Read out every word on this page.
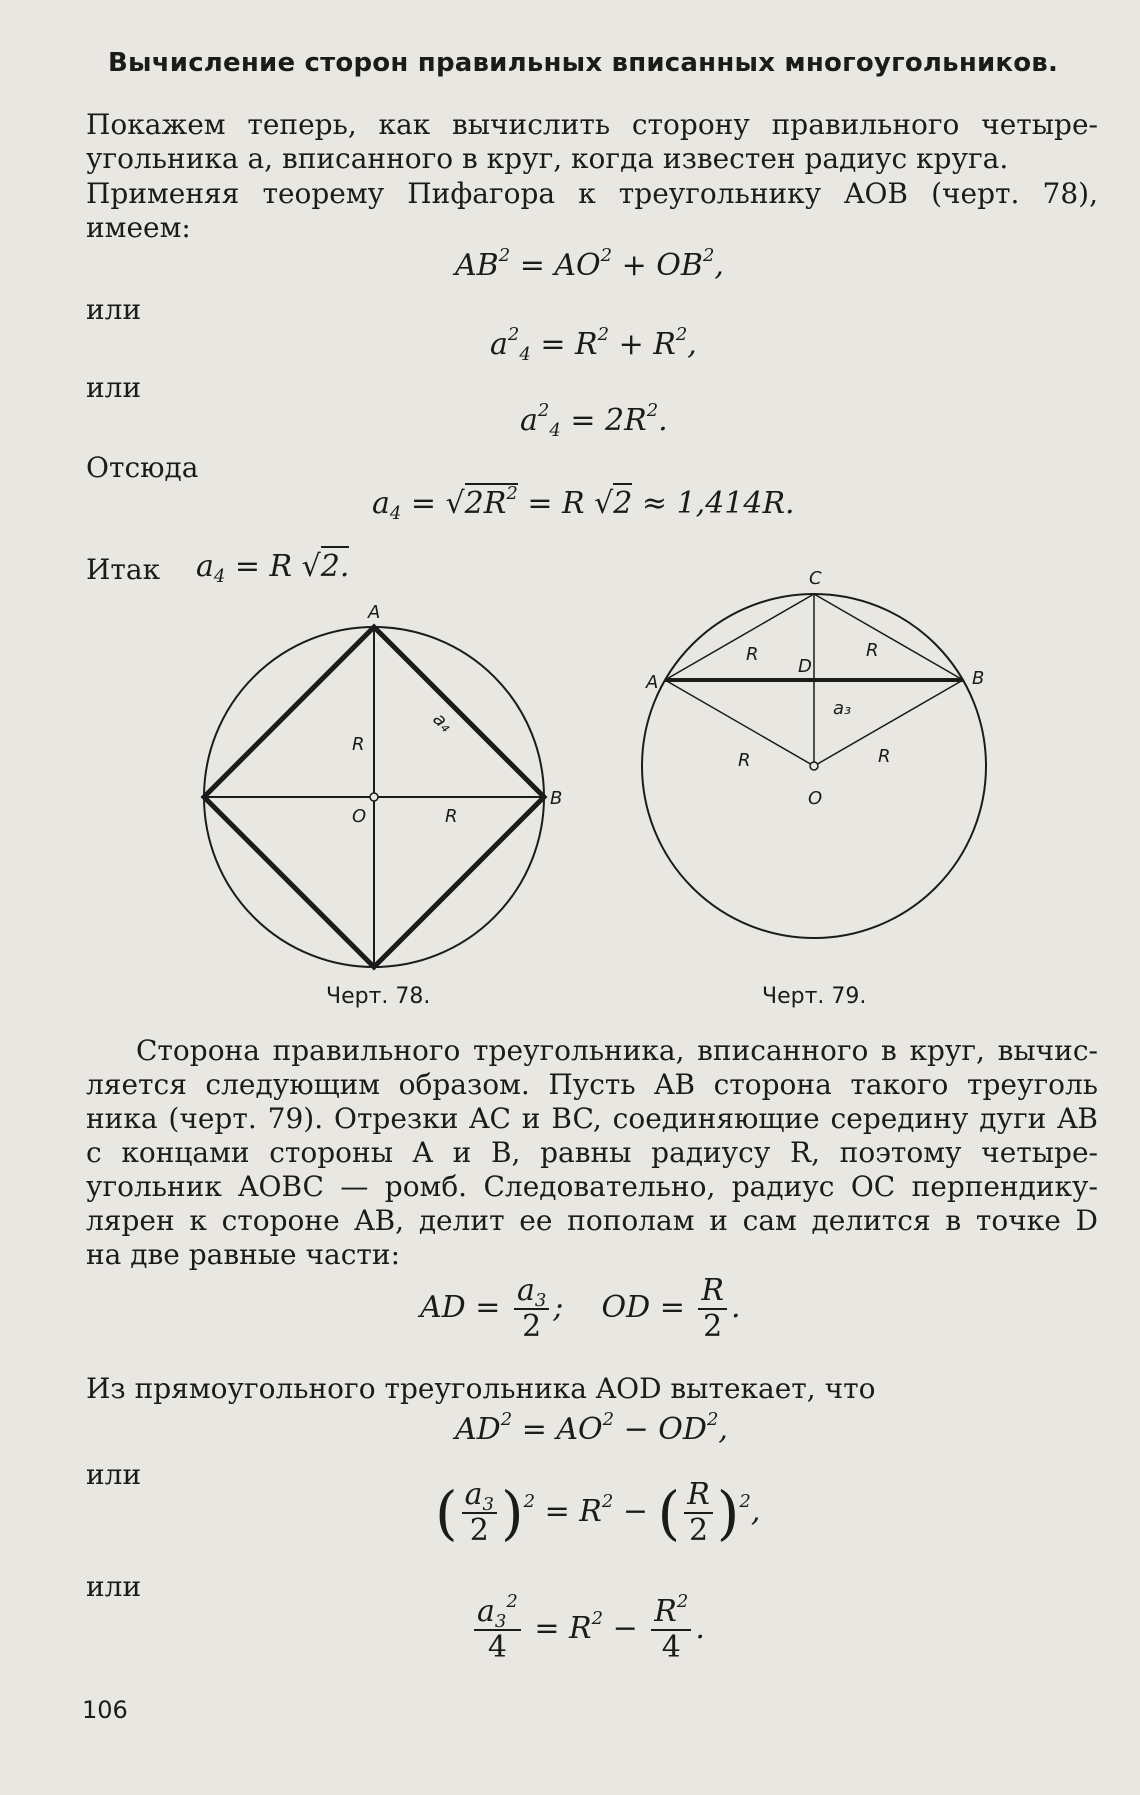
Вычисление сторон правильных вписанных многоугольников.
Покажем теперь, как вычислить сторону правильного четыре-
угольника a, вписанного в круг, когда известен радиус круга.
Применяя теорему Пифагора к треугольнику AOB (черт. 78),
имеем:
$AB^2 = AO^2 + OB^2$,
или
$a^2_4 = R^2 + R^2$,
или
$a^2_4 = 2R^2$.
Отсюда
$a_4 = √2R^2 = R$ √2 ≈ 1,414R.
Итак $a_4 = R$ √2.
A
B
O
R
R
a₄
C
A	B
D
O
a₃
R	R
R	R
Черт. 78.	Черт. 79.
Сторона правильного треугольника, вписанного в круг, вычис-
ляется следующим образом. Пусть AB сторона такого треуголь
ника (черт. 79). Отрезки AC и BC, соединяющие середину дуги AB
с концами стороны A и B, равны радиусу R, поэтому четыре-
угольник AOBC — ромб. Следовательно, радиус OC перпендику-
лярен к стороне AB, делит ее пополам и сам делится в точке D
на две равные части:
AD = $\frac{a_3}{2}$ ;    OD = $\frac{R}{2}$ .
Из прямоугольного треугольника AOD вытекает, что
$AD^2 = AO^2 - OD^2$,
или
( $\frac{a_3}{2} )^2 = R^2$ − ( $\frac{R}{2} )^2$,
или
$\frac{a_3^2}{4} = R^2 - \frac{R^2}{4}$ .
106
